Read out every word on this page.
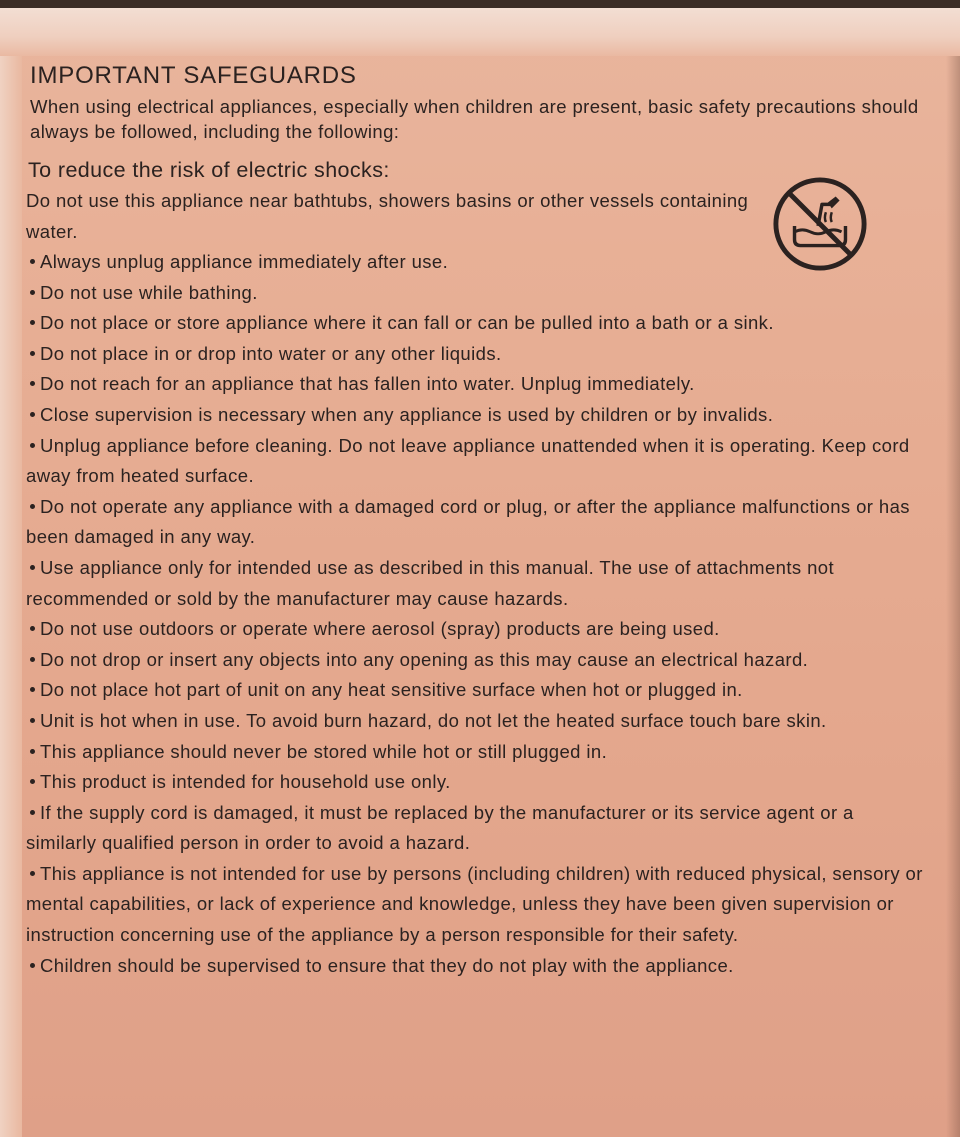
IMPORTANT SAFEGUARDS

When using electrical appliances, especially when children are present, basic safety precautions should always be followed, including the following:

To reduce the risk of electric shocks:

Do not use this appliance near bathtubs, showers basins or other vessels containing water.

Always unplug appliance immediately after use.
Do not use while bathing.
Do not place or store appliance where it can fall or can be pulled into a bath or a sink.
Do not place in or drop into water or any other liquids.
Do not reach for an appliance that has fallen into water. Unplug immediately.
Close supervision is necessary when any appliance is used by children or by invalids.
Unplug appliance before cleaning. Do not leave appliance unattended when it is operating. Keep cord away from heated surface.
Do not operate any appliance with a damaged cord or plug, or after the appliance malfunctions or has been damaged in any way.
Use appliance only for intended use as described in this manual. The use of attachments not recommended or sold by the manufacturer may cause hazards.
Do not use outdoors or operate where aerosol (spray) products are being used.
Do not drop or insert any objects into any opening as this may cause an electrical hazard.
Do not place hot part of unit on any heat sensitive surface when hot or plugged in.
Unit is hot when in use. To avoid burn hazard, do not let the heated surface touch bare skin.
This appliance should never be stored while hot or still plugged in.
This product is intended for household use only.
If the supply cord is damaged, it must be replaced by the manufacturer or its service agent or a similarly qualified person in order to avoid a hazard.
This appliance is not intended for use by persons (including children) with reduced physical, sensory or mental capabilities, or lack of experience and knowledge, unless they have been given supervision or instruction concerning use of the appliance by a person responsible for their safety.
Children should be supervised to ensure that they do not play with the appliance.
